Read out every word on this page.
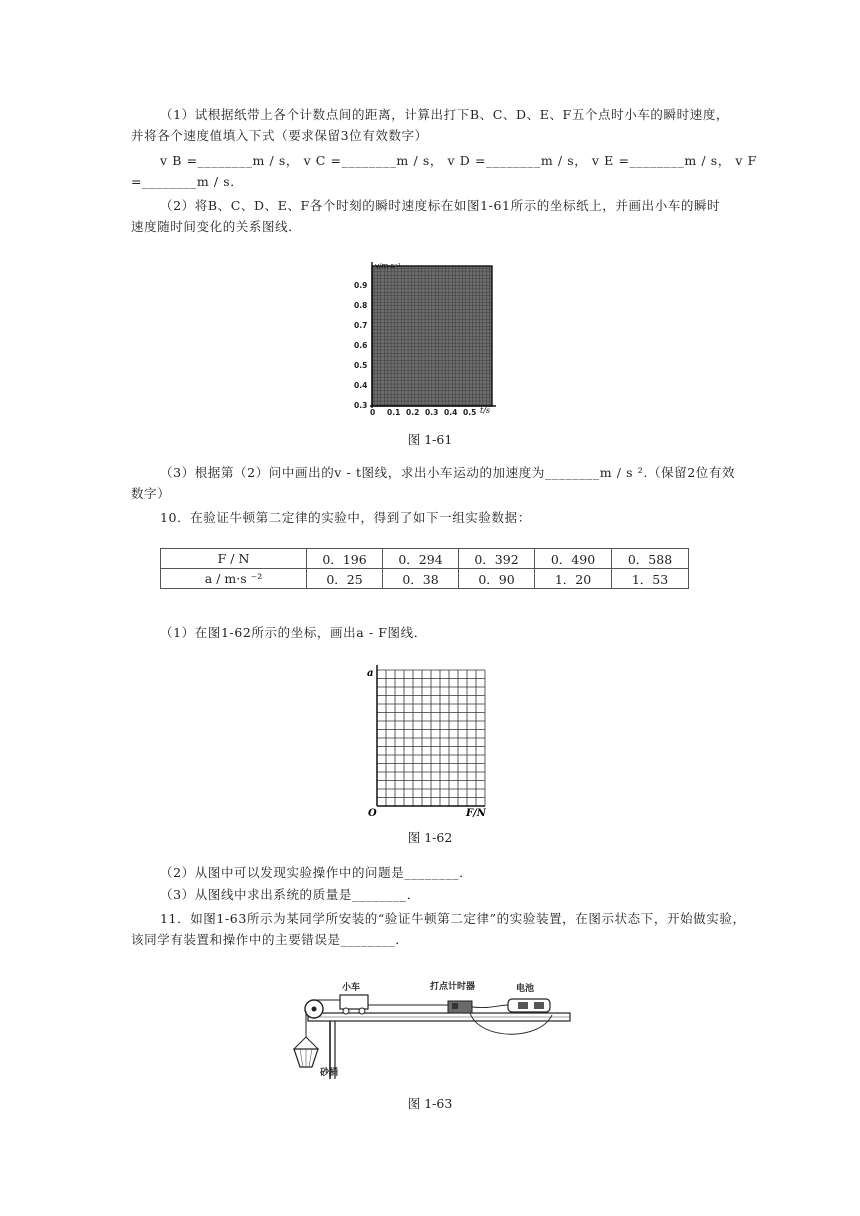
（1）试根据纸带上各个计数点间的距离，计算出打下B、C、D、E、F五个点时小车的瞬时速度，
并将各个速度值填入下式（要求保留3位有效数字）
v B =________m / s， v C =________m / s， v D =________m / s， v E =________m / s， v F
=________m / s．
（2）将B、C、D、E、F各个时刻的瞬时速度标在如图1-61所示的坐标纸上，并画出小车的瞬时
速度随时间变化的关系图线．
v/m·s⁻¹
t/s
0.9
0.8
0.7
0.6
0.5
0.4
0.3
0 0.1 0.2 0.3 0.4 0.5
图 1-61
（3）根据第（2）问中画出的v - t图线，求出小车运动的加速度为________m / s ².（保留2位有效
数字）
10．在验证牛顿第二定律的实验中，得到了如下一组实验数据：
F / N	0．196	0．294	0．392	0．490	0．588
a / m·s ⁻²	0．25	0．38	0．90	1．20	1．53
（1）在图1-62所示的坐标，画出a - F图线．
a
O	F/N
图 1-62
（2）从图中可以发现实验操作中的问题是________．
（3）从图线中求出系统的质量是________．
11．如图1-63所示为某同学所安装的“验证牛顿第二定律”的实验装置，在图示状态下，开始做实验，
该同学有装置和操作中的主要错误是________．
砂桶
小车	打点计时器	电池
图 1-63
